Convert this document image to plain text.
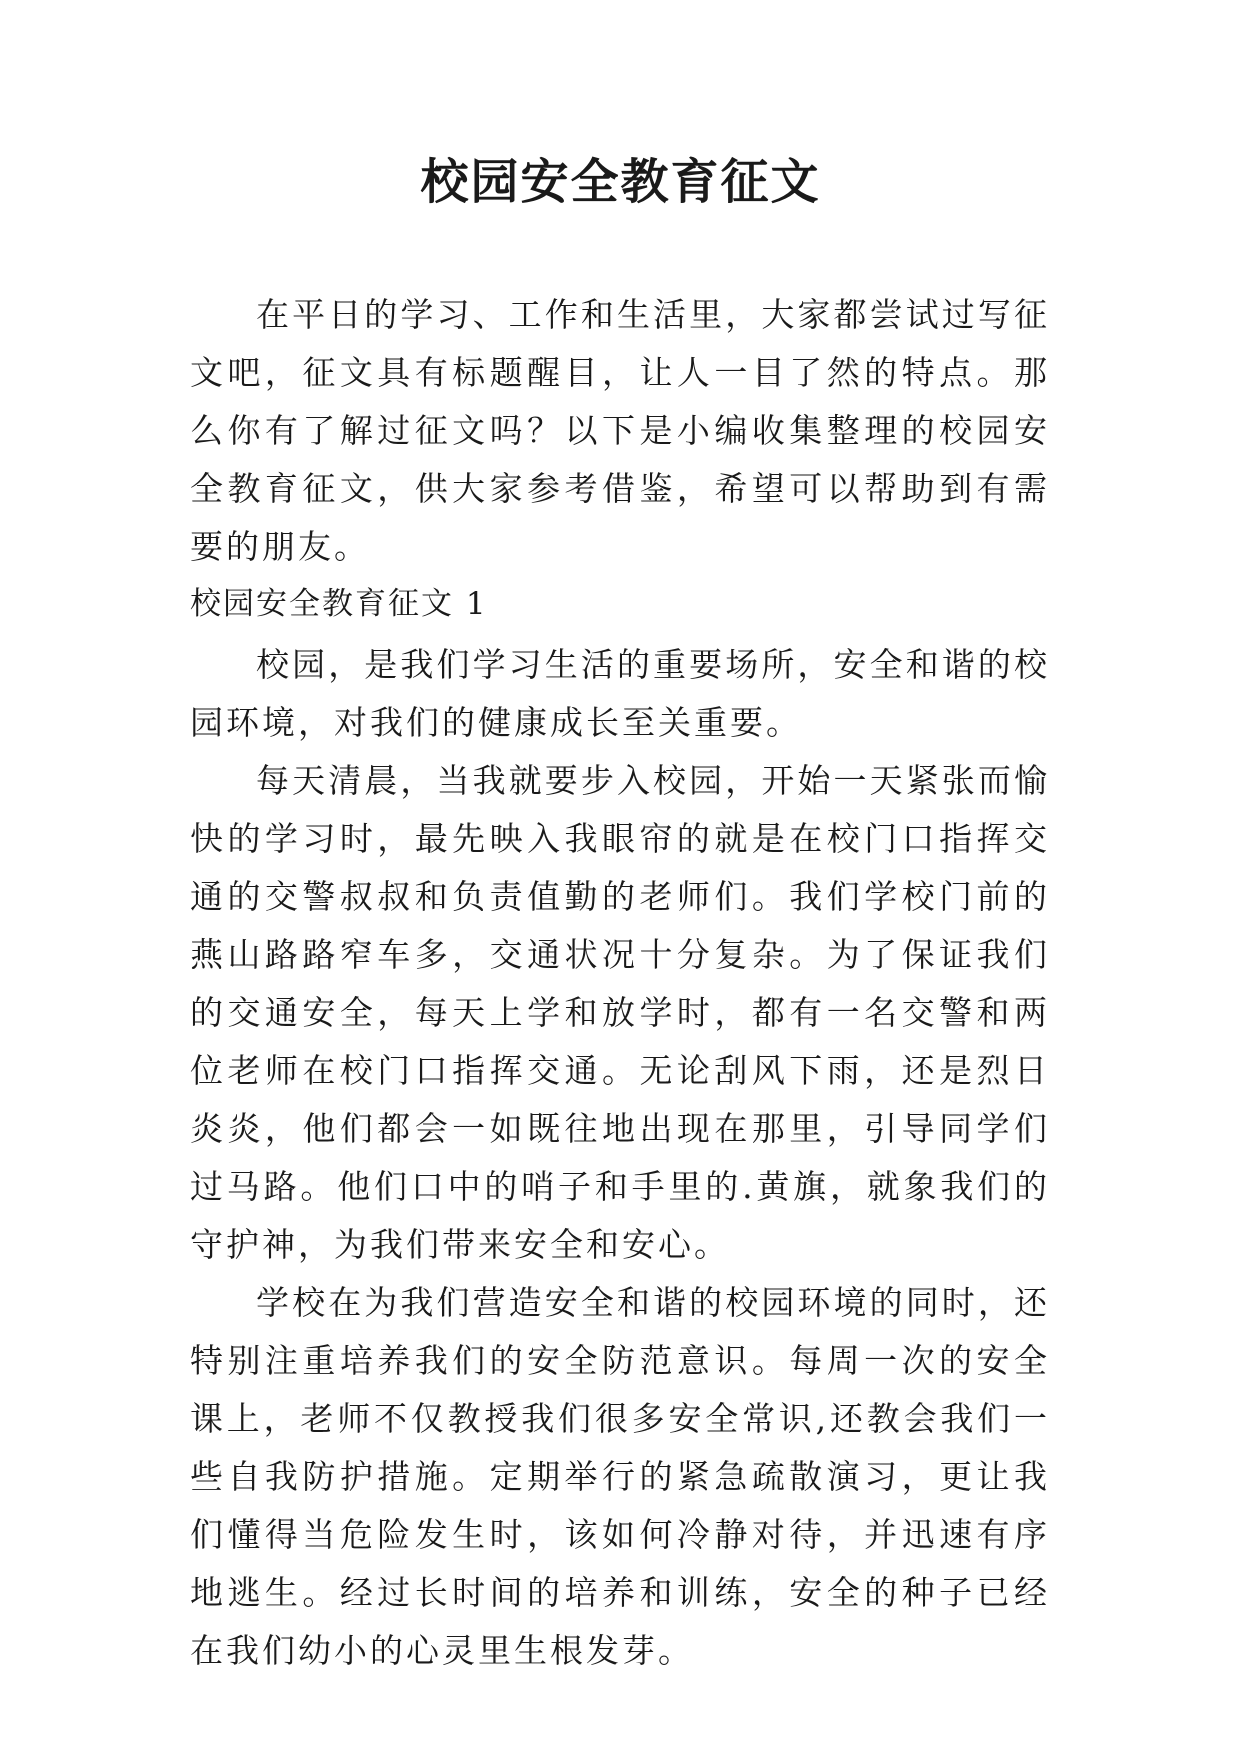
校园安全教育征文

在平日的学习、工作和生活里，大家都尝试过写征文吧，征文具有标题醒目，让人一目了然的特点。那么你有了解过征文吗？以下是小编收集整理的校园安全教育征文，供大家参考借鉴，希望可以帮助到有需要的朋友。

校园安全教育征文 1

校园，是我们学习生活的重要场所，安全和谐的校园环境，对我们的健康成长至关重要。

每天清晨，当我就要步入校园，开始一天紧张而愉快的学习时，最先映入我眼帘的就是在校门口指挥交通的交警叔叔和负责值勤的老师们。我们学校门前的燕山路路窄车多，交通状况十分复杂。为了保证我们的交通安全，每天上学和放学时，都有一名交警和两位老师在校门口指挥交通。无论刮风下雨，还是烈日炎炎，他们都会一如既往地出现在那里，引导同学们过马路。他们口中的哨子和手里的.黄旗，就象我们的守护神，为我们带来安全和安心。

学校在为我们营造安全和谐的校园环境的同时，还特别注重培养我们的安全防范意识。每周一次的安全课上，老师不仅教授我们很多安全常识,还教会我们一些自我防护措施。定期举行的紧急疏散演习，更让我们懂得当危险发生时，该如何冷静对待，并迅速有序地逃生。经过长时间的培养和训练，安全的种子已经在我们幼小的心灵里生根发芽。
